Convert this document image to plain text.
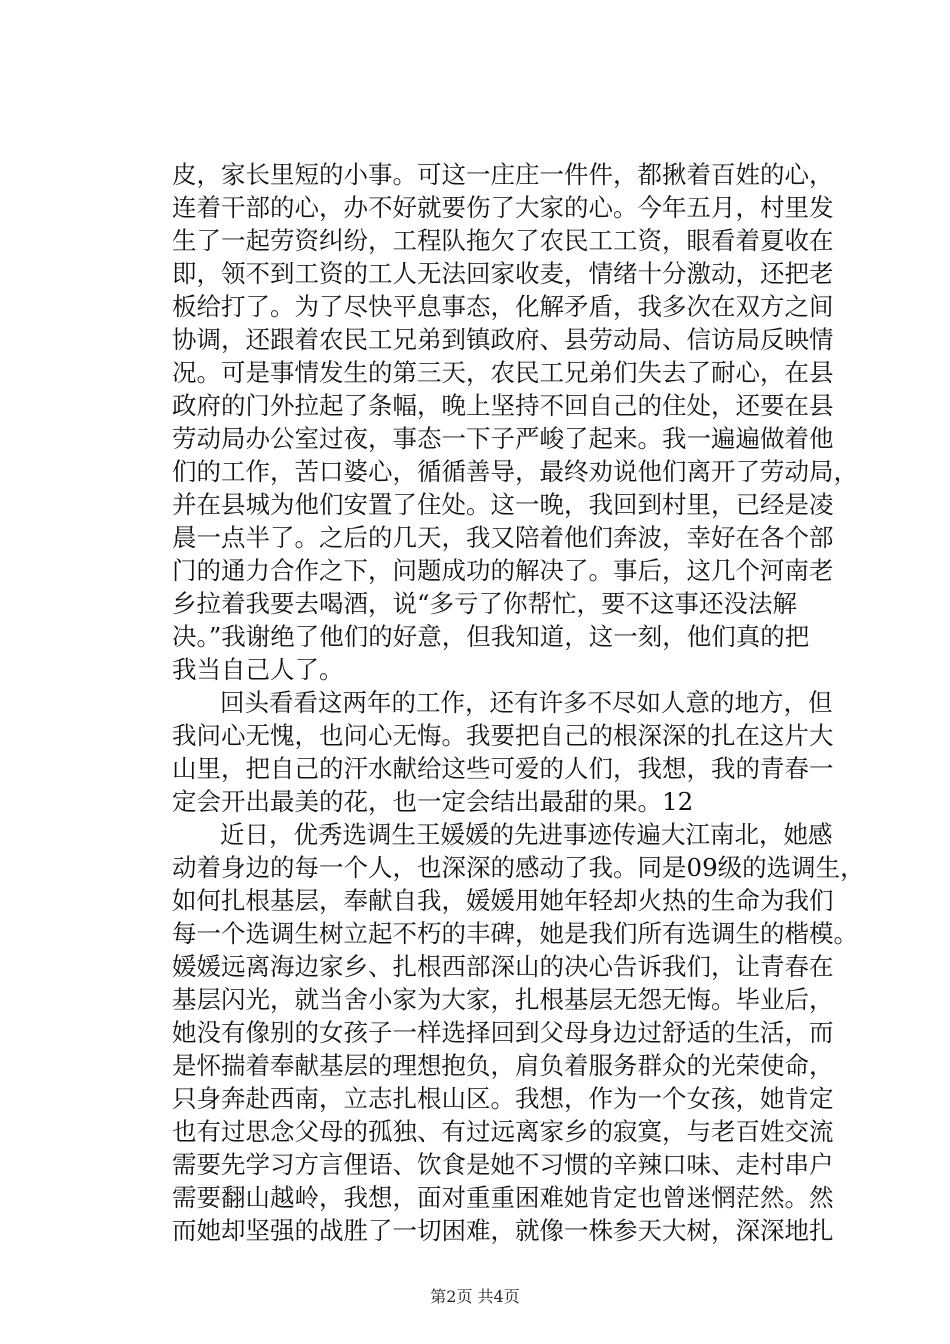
皮，家长里短的小事。可这一庄庄一件件，都揪着百姓的心，
连着干部的心，办不好就要伤了大家的心。今年五月，村里发
生了一起劳资纠纷，工程队拖欠了农民工工资，眼看着夏收在
即，领不到工资的工人无法回家收麦，情绪十分激动，还把老
板给打了。为了尽快平息事态，化解矛盾，我多次在双方之间
协调，还跟着农民工兄弟到镇政府、县劳动局、信访局反映情
况。可是事情发生的第三天，农民工兄弟们失去了耐心，在县
政府的门外拉起了条幅，晚上坚持不回自己的住处，还要在县
劳动局办公室过夜，事态一下子严峻了起来。我一遍遍做着他
们的工作，苦口婆心，循循善导，最终劝说他们离开了劳动局，
并在县城为他们安置了住处。这一晚，我回到村里，已经是凌
晨一点半了。之后的几天，我又陪着他们奔波，幸好在各个部
门的通力合作之下，问题成功的解决了。事后，这几个河南老
乡拉着我要去喝酒，说“多亏了你帮忙，要不这事还没法解
决。”我谢绝了他们的好意，但我知道，这一刻，他们真的把
我当自己人了。
回头看看这两年的工作，还有许多不尽如人意的地方，但
我问心无愧，也问心无悔。我要把自己的根深深的扎在这片大
山里，把自己的汗水献给这些可爱的人们，我想，我的青春一
定会开出最美的花，也一定会结出最甜的果。12
近日，优秀选调生王媛媛的先进事迹传遍大江南北，她感
动着身边的每一个人，也深深的感动了我。同是09级的选调生，
如何扎根基层，奉献自我，媛媛用她年轻却火热的生命为我们
每一个选调生树立起不朽的丰碑，她是我们所有选调生的楷模。
媛媛远离海边家乡、扎根西部深山的决心告诉我们，让青春在
基层闪光，就当舍小家为大家，扎根基层无怨无悔。毕业后，
她没有像别的女孩子一样选择回到父母身边过舒适的生活，而
是怀揣着奉献基层的理想抱负，肩负着服务群众的光荣使命，
只身奔赴西南，立志扎根山区。我想，作为一个女孩，她肯定
也有过思念父母的孤独、有过远离家乡的寂寞，与老百姓交流
需要先学习方言俚语、饮食是她不习惯的辛辣口味、走村串户
需要翻山越岭，我想，面对重重困难她肯定也曾迷惘茫然。然
而她却坚强的战胜了一切困难，就像一株参天大树，深深地扎
第2页 共4页
